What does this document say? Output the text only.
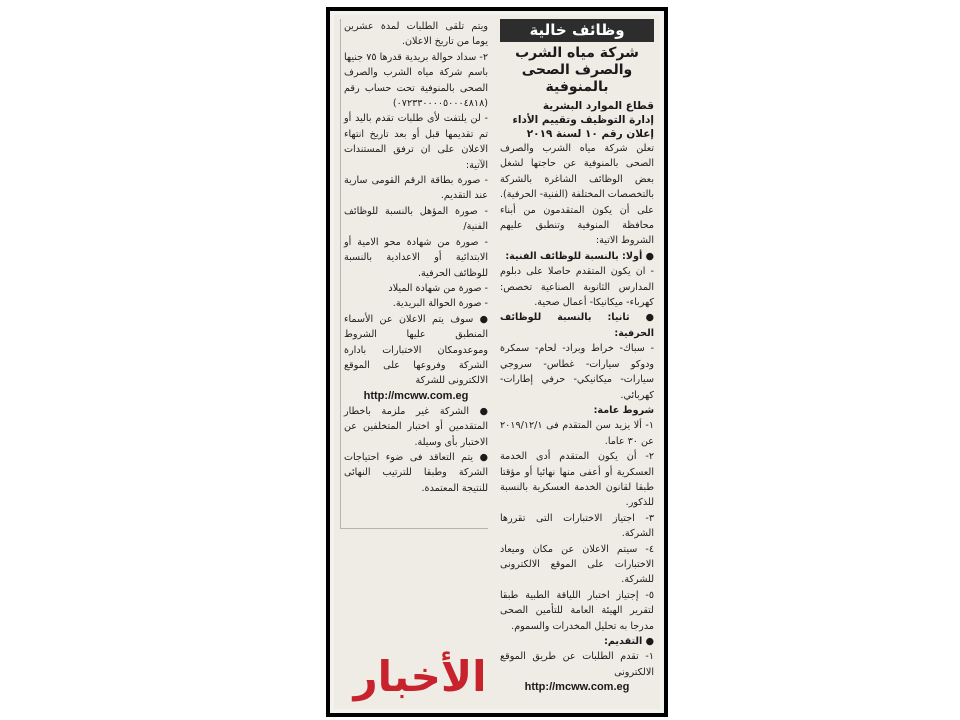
وظائف خالية
شركة مياه الشرب والصرف الصحى بالمنوفية
قطاع الموارد البشرية
إدارة التوظيف وتقييم الأداء
إعلان رقم ١٠ لسنة ٢٠١٩

تعلن شركة مياه الشرب والصرف الصحى بالمنوفية عن حاجتها لشغل بعض الوظائف الشاغرة بالشركة بالتخصصات المختلفة (الفنية- الحرفية). على أن يكون المتقدمون من أبناء محافظة المنوفية وتنطبق عليهم الشروط الاتية:

● أولا: بالنسبة للوظائف الفنية:

- ان يكون المتقدم حاصلا على دبلوم المدارس الثانوية الصناعية تخصص: كهرباء- ميكانيكا- أعمال صحية.

● ثانيا: بالنسبة للوظائف الحرفية:

- سباك- خراط وبراد- لحام- سمكرة ودوكو سيارات- غطاس- سروجي سيارات- ميكانيكي- حرفي إطارات- كهربائي.

شروط عامة:

١- ألا يزيد سن المتقدم فى ٢٠١٩/١٢/١ عن ٣٠ عاما.

٢- أن يكون المتقدم أدى الخدمة العسكرية أو أعفى منها نهائيا أو مؤقتا طبقا لقانون الخدمة العسكرية بالنسبة للذكور.

٣- اجتياز الاختبارات التى تقررها الشركة.

٤- سيتم الاعلان عن مكان وميعاد الاختبارات على الموقع الالكترونى للشركة.

٥- إجتياز اختبار اللياقة الطبية طبقا لتقرير الهيئة العامة للتأمين الصحى مدرجا به تحليل المخدرات والسموم.

● التقديم:

١- تقدم الطلبات عن طريق الموقع الالكترونى

http://mcww.com.eg

ويتم تلقى الطلبات لمدة عشرين يوما من تاريخ الاعلان.

٢- سداد حوالة بريدية قدرها ٧٥ جنيها باسم شركة مياه الشرب والصرف الصحى بالمنوفية تحت حساب رقم (٠٧٢٣٣٠٠٠٠٥٠٠٠٤٨١٨)

- لن يلتفت لأى طلبات تقدم باليد أو تم تقديمها قبل أو بعد تاريخ انتهاء الاعلان على ان ترفق المستندات الآتية:

- صورة بطاقة الرقم القومى سارية عند التقديم.

- صورة المؤهل بالنسبة للوظائف الفنية/

- صورة من شهادة محو الامية أو الابتدائية أو الاعدادية بالنسبة للوظائف الحرفية.

- صورة من شهادة الميلاد

- صورة الحوالة البريدية.

● سوف يتم الاعلان عن الأسماء المنطبق عليها الشروط وموعدومكان الاختبارات بادارة الشركة وفروعها على الموقع الالكترونى للشركة

http://mcww.com.eg

● الشركة غير ملزمة باخطار المتقدمين أو اختبار المتخلفين عن الاختبار بأى وسيلة.

● يتم التعاقد فى ضوء احتياجات الشركة وطبقا للترتيب النهائى للنتيجة المعتمدة.

الأخبار
